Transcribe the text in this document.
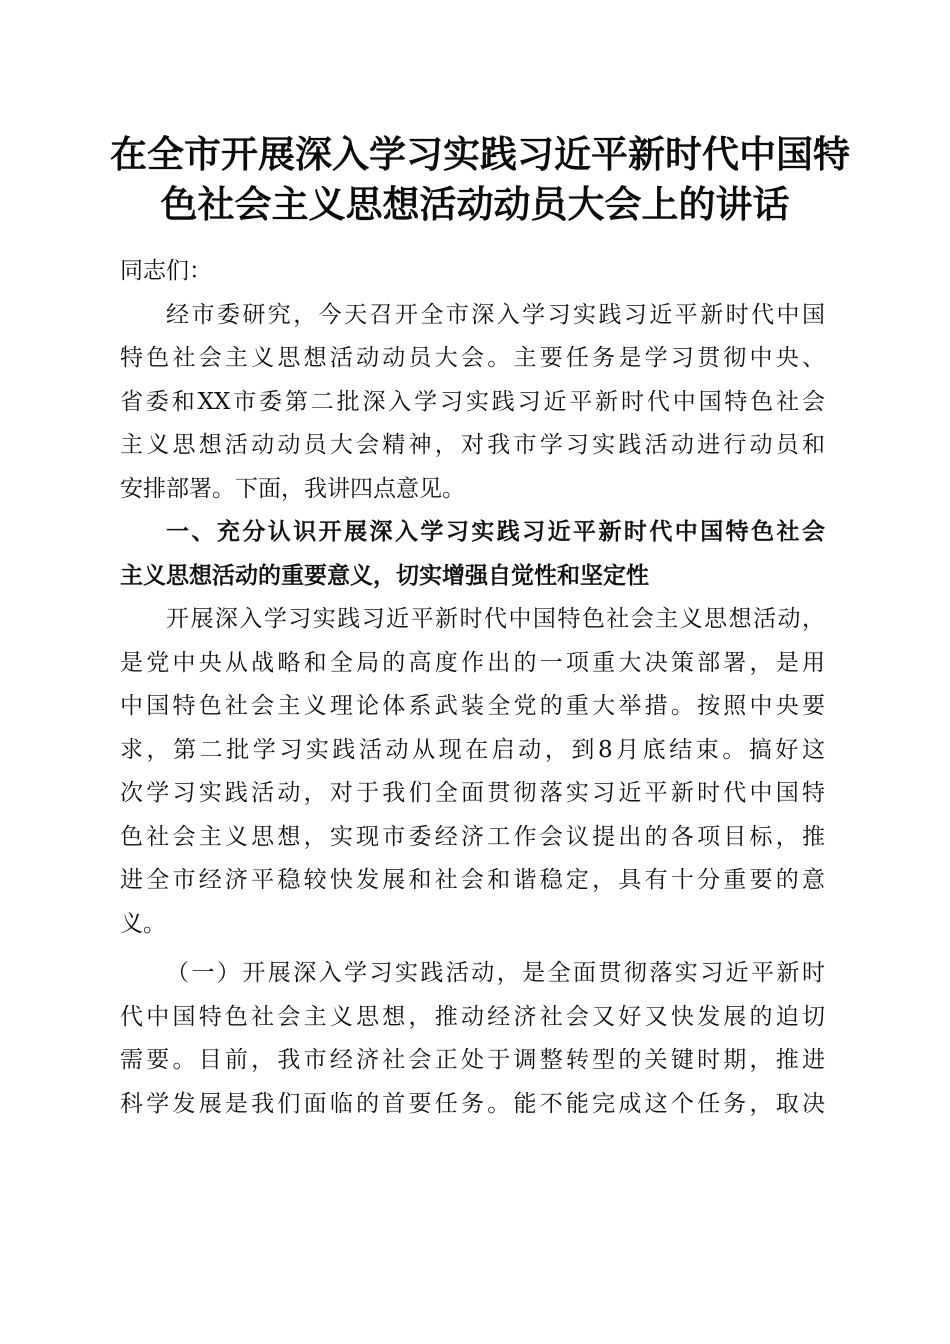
在全市开展深入学习实践习近平新时代中国特
色社会主义思想活动动员大会上的讲话
同志们：
经市委研究，今天召开全市深入学习实践习近平新时代中国
特色社会主义思想活动动员大会。主要任务是学习贯彻中央、
省委和XX市委第二批深入学习实践习近平新时代中国特色社会
主义思想活动动员大会精神，对我市学习实践活动进行动员和
安排部署。下面，我讲四点意见。
一、充分认识开展深入学习实践习近平新时代中国特色社会
主义思想活动的重要意义，切实增强自觉性和坚定性
开展深入学习实践习近平新时代中国特色社会主义思想活动，
是党中央从战略和全局的高度作出的一项重大决策部署，是用
中国特色社会主义理论体系武装全党的重大举措。按照中央要
求，第二批学习实践活动从现在启动，到8月底结束。搞好这
次学习实践活动，对于我们全面贯彻落实习近平新时代中国特
色社会主义思想，实现市委经济工作会议提出的各项目标，推
进全市经济平稳较快发展和社会和谐稳定，具有十分重要的意
义。
（一）开展深入学习实践活动，是全面贯彻落实习近平新时
代中国特色社会主义思想，推动经济社会又好又快发展的迫切
需要。目前，我市经济社会正处于调整转型的关键时期，推进
科学发展是我们面临的首要任务。能不能完成这个任务，取决
